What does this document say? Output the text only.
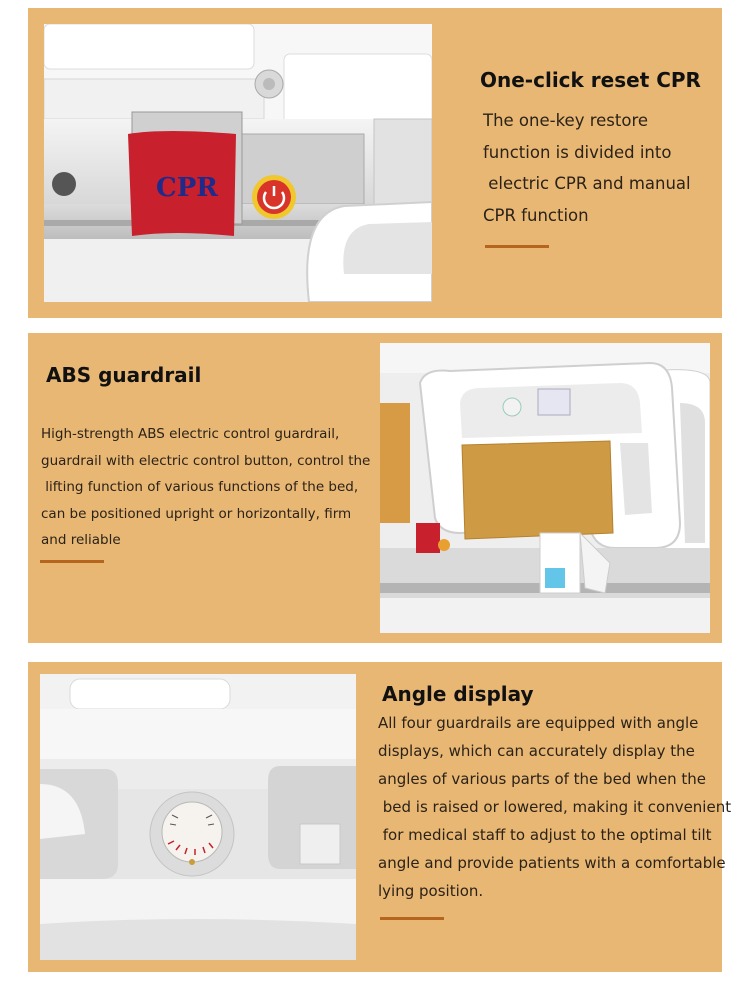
CPR
One-click reset CPR
The one-key restore
function is divided into
electric CPR and manual
CPR function
ABS guardrail
High-strength ABS electric control guardrail,
guardrail with electric control button, control the
lifting function of various functions of the bed,
can be positioned upright or horizontally, firm
and reliable
Angle display
All four guardrails are equipped with angle
displays, which can accurately display the
angles of various parts of the bed when the
bed is raised or lowered, making it convenient
for medical staff to adjust to the optimal tilt
angle and provide patients with a comfortable
lying position.
